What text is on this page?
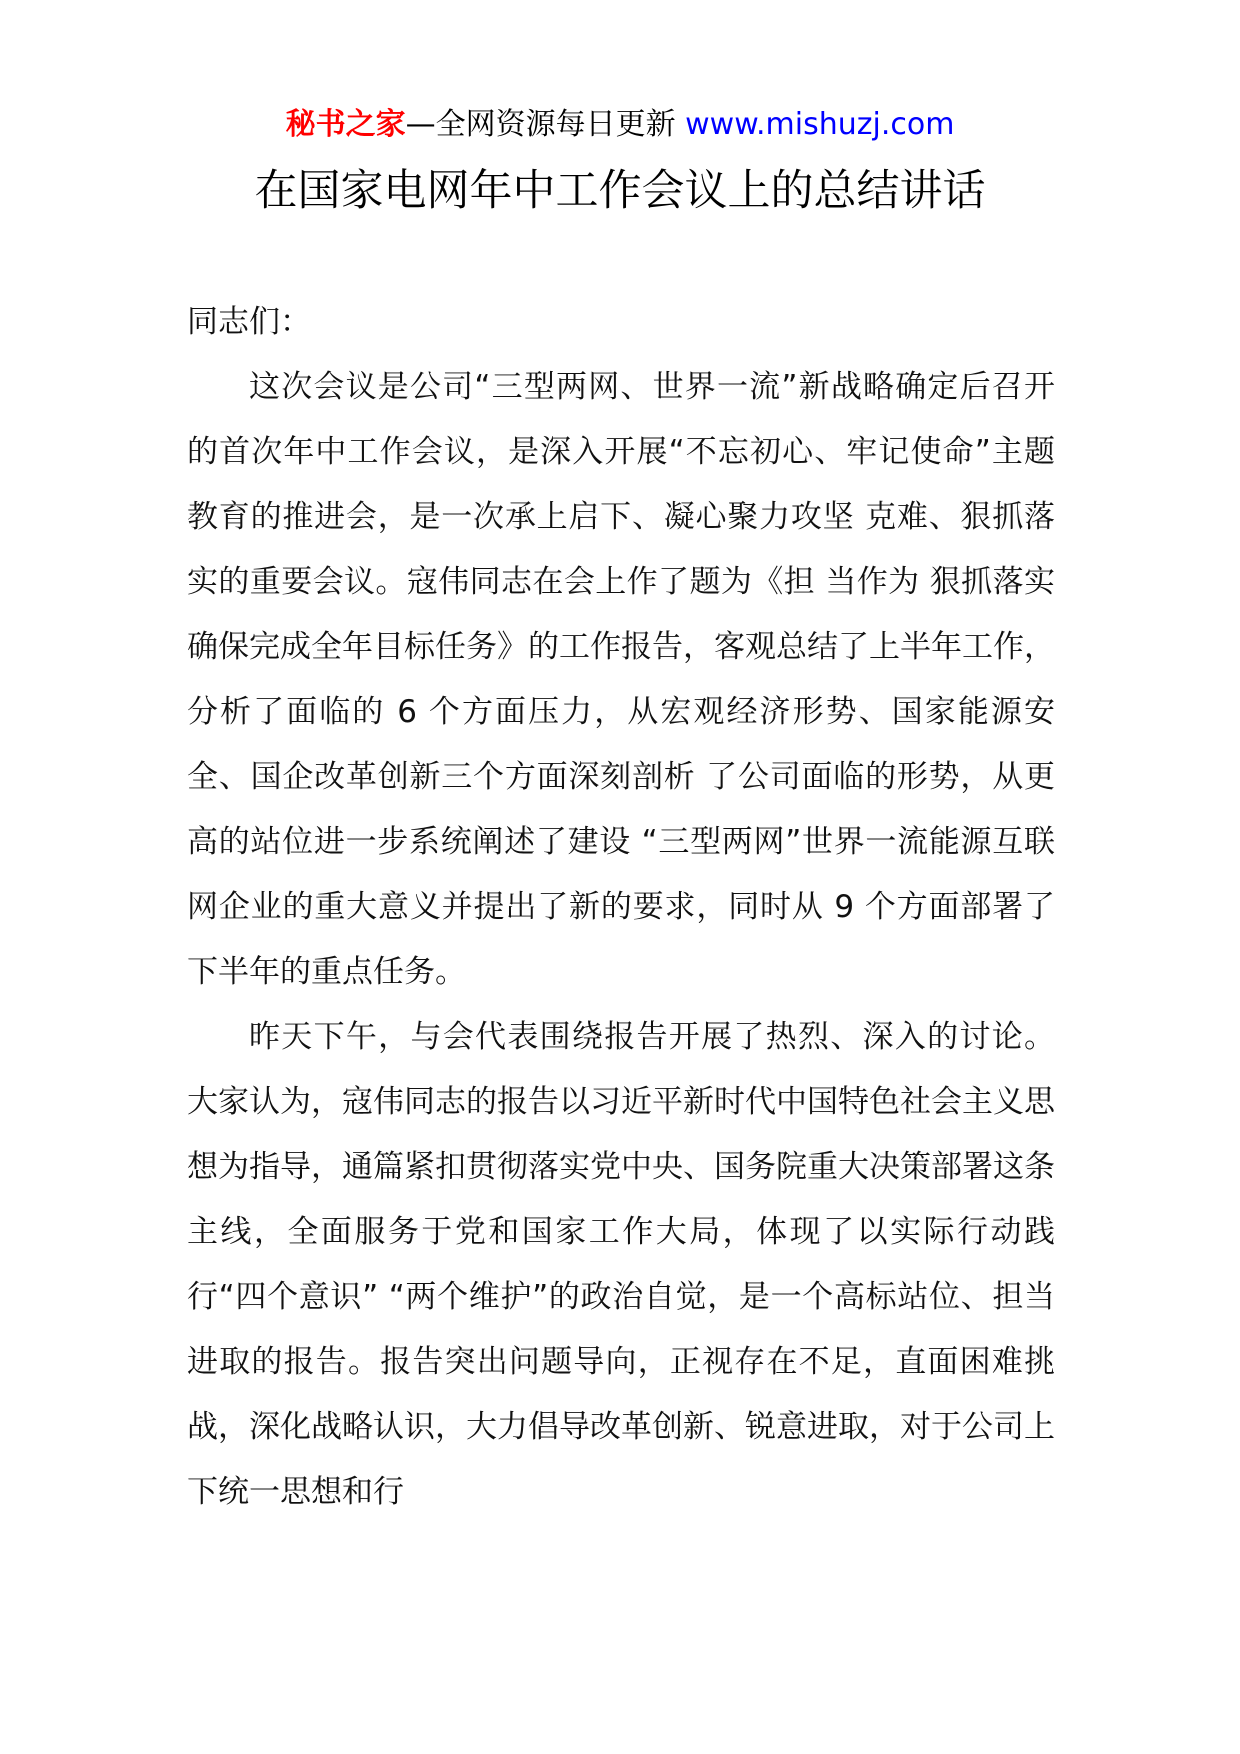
秘书之家—全网资源每日更新 www.mishuzj.com
在国家电网年中工作会议上的总结讲话

同志们：

这次会议是公司“三型两网、世界一流”新战略确定后召开的首次年中工作会议，是深入开展“不忘初心、牢记使命”主题教育的推进会，是一次承上启下、凝心聚力攻坚 克难、狠抓落实的重要会议。寇伟同志在会上作了题为《担 当作为 狠抓落实 确保完成全年目标任务》的工作报告，客观总结了上半年工作，分析了面临的 6 个方面压力，从宏观经济形势、国家能源安全、国企改革创新三个方面深刻剖析 了公司面临的形势，从更高的站位进一步系统阐述了建设 “三型两网”世界一流能源互联网企业的重大意义并提出了新的要求，同时从 9 个方面部署了下半年的重点任务。

昨天下午，与会代表围绕报告开展了热烈、深入的讨论。 大家认为，寇伟同志的报告以习近平新时代中国特色社会主义思想为指导，通篇紧扣贯彻落实党中央、国务院重大决策部署这条主线，全面服务于党和国家工作大局，体现了以实际行动践行“四个意识” “两个维护”的政治自觉，是一个高标站位、担当进取的报告。报告突出问题导向，正视存在不足，直面困难挑战，深化战略认识，大力倡导改革创新、锐意进取，对于公司上下统一思想和行
